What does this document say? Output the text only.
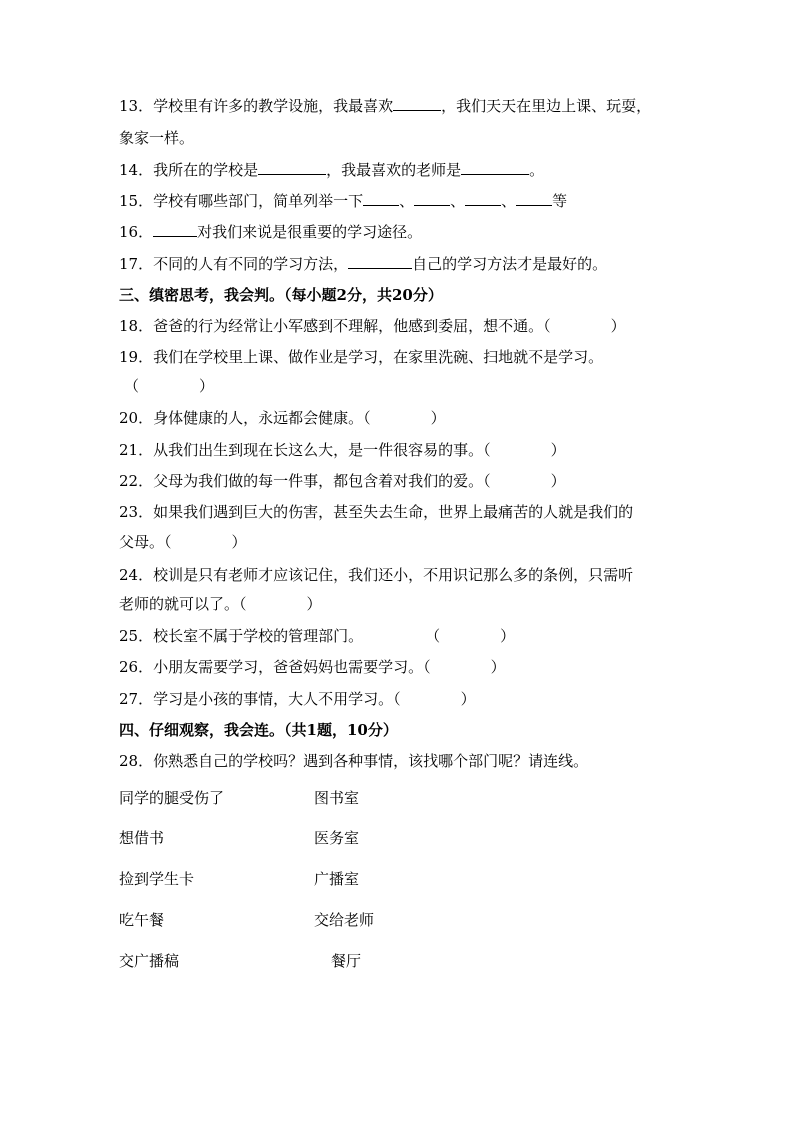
13．学校里有许多的教学设施，我最喜欢	，我们天天在里边上课、玩耍，
象家一样。
14．我所在的学校是	，我最喜欢的老师是	。
15．学校有哪些部门，简单列举一下 、 、 、 等
16．	对我们来说是很重要的学习途径。
17．不同的人有不同的学习方法，	自己的学习方法才是最好的。
三、缜密思考，我会判。（每小题2分，共20分）
18．爸爸的行为经常让小军感到不理解，他感到委屈，想不通。（　　　　）
19．我们在学校里上课、做作业是学习，在家里洗碗、扫地就不是学习。
（　　　　）
20．身体健康的人，永远都会健康。（　　　　）
21．从我们出生到现在长这么大，是一件很容易的事。（　　　　）
22．父母为我们做的每一件事，都包含着对我们的爱。（　　　　）
23．如果我们遇到巨大的伤害，甚至失去生命，世界上最痛苦的人就是我们的
父母。（　　　　）
24．校训是只有老师才应该记住，我们还小，不用识记那么多的条例，只需听
老师的就可以了。（　　　　）
25．校长室不属于学校的管理部门。	（　　　　）
26．小朋友需要学习，爸爸妈妈也需要学习。（　　　　）
27．学习是小孩的事情，大人不用学习。（　　　　）
四、仔细观察，我会连。（共1题，10分）
28．你熟悉自己的学校吗？遇到各种事情，该找哪个部门呢？请连线。
同学的腿受伤了	图书室
想借书	医务室
捡到学生卡	广播室
吃午餐	交给老师
交广播稿	餐厅
